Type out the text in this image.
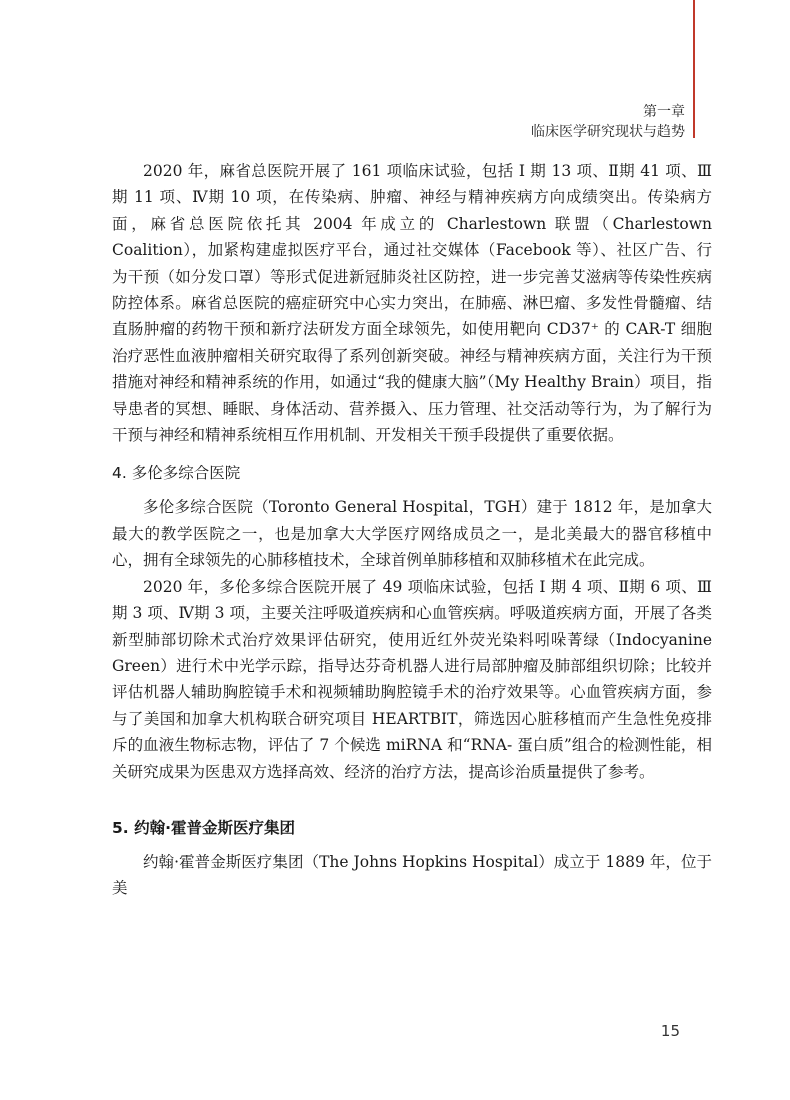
第一章
临床医学研究现状与趋势

2020 年，麻省总医院开展了 161 项临床试验，包括 I 期 13 项、Ⅱ期 41 项、Ⅲ期 11 项、Ⅳ期 10 项，在传染病、肿瘤、神经与精神疾病方向成绩突出。传染病方面，麻省总医院依托其 2004 年成立的 Charlestown 联盟（Charlestown Coalition），加紧构建虚拟医疗平台，通过社交媒体（Facebook 等）、社区广告、行为干预（如分发口罩）等形式促进新冠肺炎社区防控，进一步完善艾滋病等传染性疾病防控体系。麻省总医院的癌症研究中心实力突出，在肺癌、淋巴瘤、多发性骨髓瘤、结直肠肿瘤的药物干预和新疗法研发方面全球领先，如使用靶向 CD37⁺ 的 CAR-T 细胞治疗恶性血液肿瘤相关研究取得了系列创新突破。神经与精神疾病方面，关注行为干预措施对神经和精神系统的作用，如通过“我的健康大脑”（My Healthy Brain）项目，指导患者的冥想、睡眠、身体活动、营养摄入、压力管理、社交活动等行为，为了解行为干预与神经和精神系统相互作用机制、开发相关干预手段提供了重要依据。

4. 多伦多综合医院

多伦多综合医院（Toronto General Hospital，TGH）建于 1812 年，是加拿大最大的教学医院之一，也是加拿大大学医疗网络成员之一，是北美最大的器官移植中心，拥有全球领先的心肺移植技术，全球首例单肺移植和双肺移植术在此完成。

2020 年，多伦多综合医院开展了 49 项临床试验，包括 I 期 4 项、Ⅱ期 6 项、Ⅲ期 3 项、Ⅳ期 3 项，主要关注呼吸道疾病和心血管疾病。呼吸道疾病方面，开展了各类新型肺部切除术式治疗效果评估研究，使用近红外荧光染料吲哚菁绿（Indocyanine Green）进行术中光学示踪，指导达芬奇机器人进行局部肿瘤及肺部组织切除；比较并评估机器人辅助胸腔镜手术和视频辅助胸腔镜手术的治疗效果等。心血管疾病方面，参与了美国和加拿大机构联合研究项目 HEARTBIT，筛选因心脏移植而产生急性免疫排斥的血液生物标志物，评估了 7 个候选 miRNA 和“RNA- 蛋白质”组合的检测性能，相关研究成果为医患双方选择高效、经济的治疗方法，提高诊治质量提供了参考。

5. 约翰·霍普金斯医疗集团

约翰·霍普金斯医疗集团（The Johns Hopkins Hospital）成立于 1889 年，位于美

15
